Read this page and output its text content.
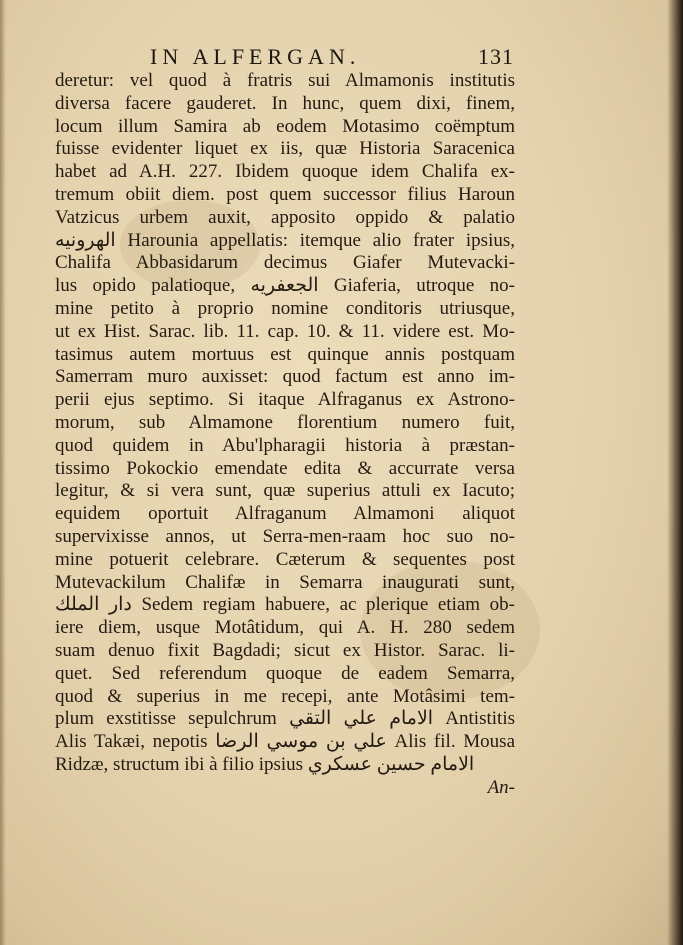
IN ALFERGAN.	131
deretur: vel quod à fratris sui Almamonis institutis
diversa facere gauderet. In hunc, quem dixi, finem,
locum illum Samira ab eodem Motasimo coëmptum
fuisse evidenter liquet ex iis, quæ Historia Saracenica
habet ad A.H. 227. Ibidem quoque idem Chalifa ex-
tremum obiit diem. post quem successor filius Haroun
Vatzicus urbem auxit, apposito oppido & palatio
الهرونيه Harounia appellatis: itemque alio frater ipsius,
Chalifa Abbasidarum decimus Giafer Mutevacki-
lus opido palatioque, الجعفريه Giaferia, utroque no-
mine petito à proprio nomine conditoris utriusque,
ut ex Hist. Sarac. lib. 11. cap. 10. & 11. videre est. Mo-
tasimus autem mortuus est quinque annis postquam
Samerram muro auxisset: quod factum est anno im-
perii ejus septimo. Si itaque Alfraganus ex Astrono-
morum, sub Almamone florentium numero fuit,
quod quidem in Abu'lpharagii historia à præstan-
tissimo Pokockio emendate edita & accurrate versa
legitur, & si vera sunt, quæ superius attuli ex Iacuto;
equidem oportuit Alfraganum Almamoni aliquot
supervixisse annos, ut Serra-men-raam hoc suo no-
mine potuerit celebrare. Cæterum & sequentes post
Mutevackilum Chalifæ in Semarra inaugurati sunt,
دار الملك Sedem regiam habuere, ac plerique etiam ob-
iere diem, usque Motâtidum, qui A. H. 280 sedem
suam denuo fixit Bagdadi; sicut ex Histor. Sarac. li-
quet. Sed referendum quoque de eadem Semarra,
quod & superius in me recepi, ante Motâsimi tem-
plum exstitisse sepulchrum الامام علي التقي Antistitis
Alis Takæi, nepotis علي بن موسي الرضا Alis fil. Mousa
Ridzæ, structum ibi à filio ipsius الامام حسين عسكري
An-
